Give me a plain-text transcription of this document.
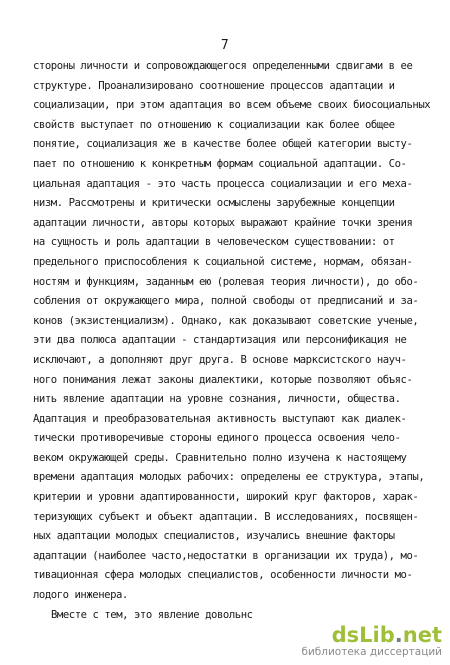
7
стороны личности и сопровождающегося определенными сдвигами в ее
структуре. Проанализировано соотношение процессов адаптации и
социализации, при этом адаптация во всем объеме своих биосоциальных
свойств выступает по отношению к социализации как более общее
понятие, социализация же в качестве более общей категории высту-
пает по отношению к конкретным формам социальной адаптации. Со-
циальная адаптация - это часть процесса социализации и его меха-
низм. Рассмотрены и критически осмыслены зарубежные концепции
адаптации личности, авторы которых выражают крайние точки зрения
на сущность и роль адаптации в человеческом существовании: от
предельного приспособления к социальной системе, нормам, обязан-
ностям и функциям, заданным ею (ролевая теория личности), до обо-
собления от окружающего мира, полной свободы от предписаний и за-
конов (экзистенциализм). Однако, как доказывают советские ученые,
эти два полюса адаптации - стандартизация или персонификация не
исключают, а дополняют друг друга. В основе марксистского науч-
ного понимания лежат законы диалектики, которые позволяют объяс-
нить явление адаптации на уровне сознания, личности, общества.
Адаптация и преобразовательная активность выступают как диалек-
тически противоречивые стороны единого процесса освоения чело-
веком окружающей среды. Сравнительно полно изучена к настоящему
времени адаптация молодых рабочих: определены ее структура, этапы,
критерии и уровни адаптированности, широкий круг факторов, харак-
теризующих субъект и объект адаптации. В исследованиях, посвящен-
ных адаптации молодых специалистов, изучались внешние факторы
адаптации (наиболее часто,недостатки в организации их труда), мо-
тивационная сфера молодых специалистов, особенности личности мо-
лодого инженера.
Вместе с тем, это явление довольнс
dsLib.net
библиотека диссертаций
